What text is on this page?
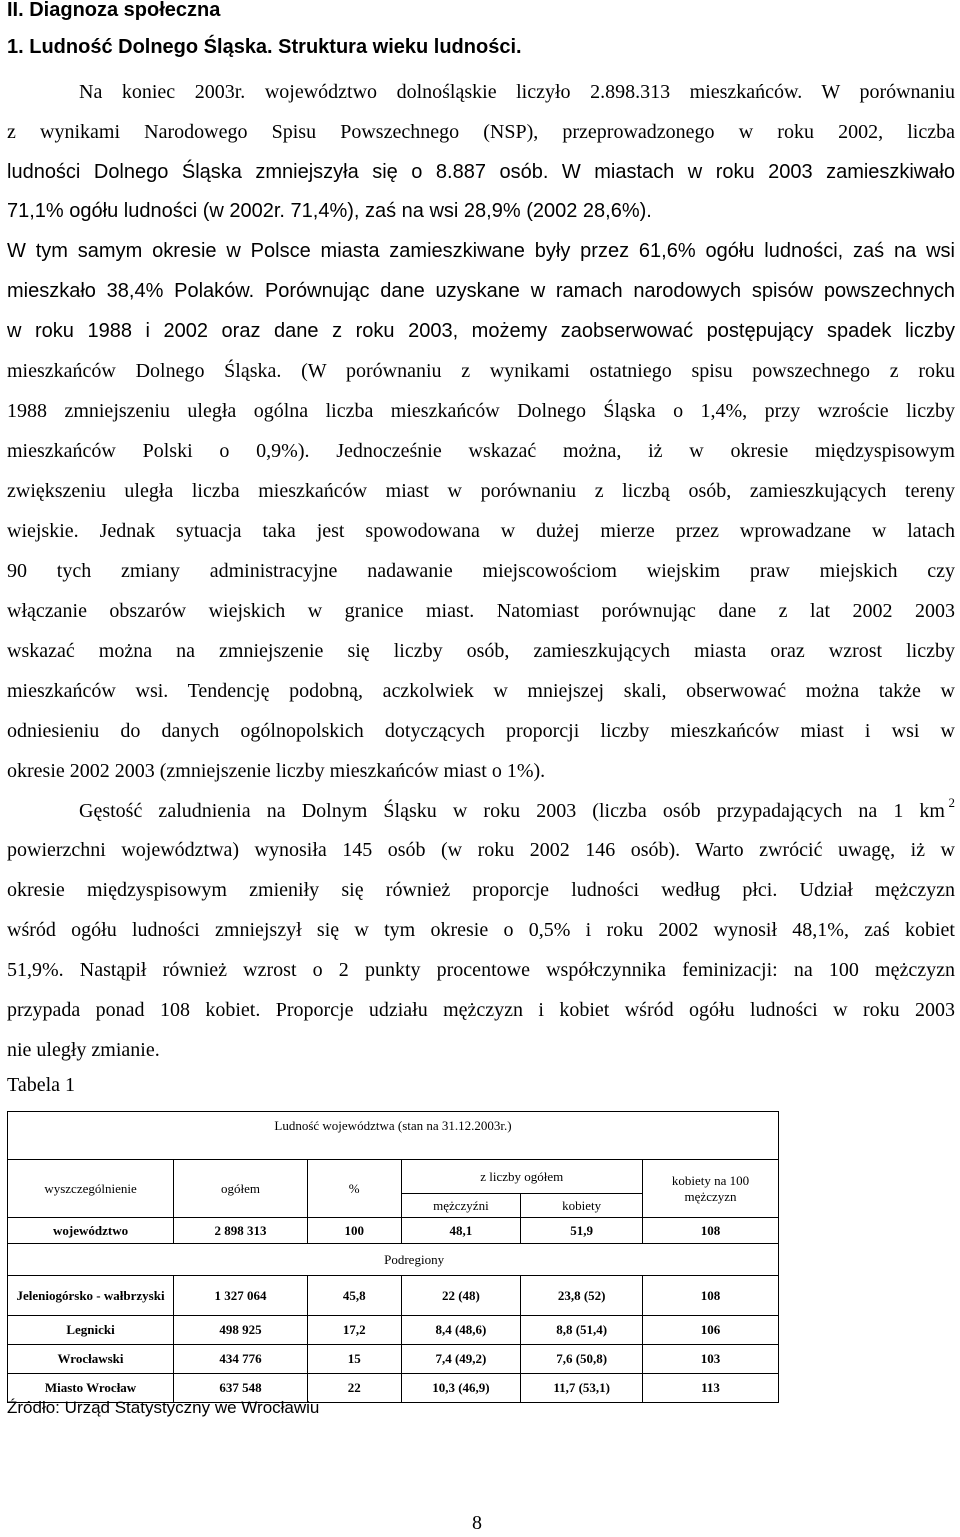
II. Diagnoza społeczna
1. Ludność Dolnego Śląska. Struktura wieku ludności.
Na koniec 2003r. województwo dolnośląskie liczyło 2.898.313 mieszkańców. W porównaniu
z wynikami Narodowego Spisu Powszechnego (NSP), przeprowadzonego w roku 2002, liczba
ludności Dolnego Śląska zmniejszyła się o 8.887 osób. W miastach w roku 2003 zamieszkiwało
71,1% ogółu ludności (w 2002r. 71,4%), zaś na wsi 28,9% (2002 28,6%).
W tym samym okresie w Polsce miasta zamieszkiwane były przez 61,6% ogółu ludności, zaś na wsi
mieszkało 38,4% Polaków. Porównując dane uzyskane w ramach narodowych spisów powszechnych
w roku 1988 i 2002 oraz dane z roku 2003, możemy zaobserwować postępujący spadek liczby
mieszkańców Dolnego Śląska. (W porównaniu z wynikami ostatniego spisu powszechnego z roku
1988 zmniejszeniu uległa ogólna liczba mieszkańców Dolnego Śląska o 1,4%, przy wzroście liczby
mieszkańców Polski o 0,9%). Jednocześnie wskazać można, iż w okresie międzyspisowym
zwiększeniu uległa liczba mieszkańców miast w porównaniu z liczbą osób, zamieszkujących tereny
wiejskie. Jednak sytuacja taka jest spowodowana w dużej mierze przez wprowadzane w latach
90 tych zmiany administracyjne nadawanie miejscowościom wiejskim praw miejskich czy
włączanie obszarów wiejskich w granice miast. Natomiast porównując dane z lat 2002 2003
wskazać można na zmniejszenie się liczby osób, zamieszkujących miasta oraz wzrost liczby
mieszkańców wsi. Tendencję podobną, aczkolwiek w mniejszej skali, obserwować można także w
odniesieniu do danych ogólnopolskich dotyczących proporcji liczby mieszkańców miast i wsi w
okresie 2002 2003 (zmniejszenie liczby mieszkańców miast o 1%).
Gęstość zaludnienia na Dolnym Śląsku w roku 2003 (liczba osób przypadających na 1 km 2
powierzchni województwa) wynosiła 145 osób (w roku 2002 146 osób). Warto zwrócić uwagę, iż w
okresie międzyspisowym zmieniły się również proporcje ludności według płci. Udział mężczyzn
wśród ogółu ludności zmniejszył się w tym okresie o 0,5% i roku 2002 wynosił 48,1%, zaś kobiet
51,9%. Nastąpił również wzrost o 2 punkty procentowe współczynnika feminizacji: na 100 mężczyzn
przypada ponad 108 kobiet. Proporcje udziału mężczyzn i kobiet wśród ogółu ludności w roku 2003
nie uległy zmianie.
Tabela 1
Ludność województwa (stan na 31.12.2003r.)					

wyszczególnienie	ogółem	%	z liczby ogółem		kobiety na 100 mężczyzn
			mężczyźni	kobiety	
województwo	2 898 313	100	48,1	51,9	108
		Podregiony			
Jeleniogórsko - wałbrzyski	1 327 064	45,8	22 (48)	23,8 (52)	108
Legnicki	498 925	17,2	8,4 (48,6)	8,8 (51,4)	106
Wrocławski	434 776	15	7,4 (49,2)	7,6 (50,8)	103
Miasto Wrocław	637 548	22	10,3 (46,9)	11,7 (53,1)	113
Źródło: Urząd Statystyczny we Wrocławiu
8
